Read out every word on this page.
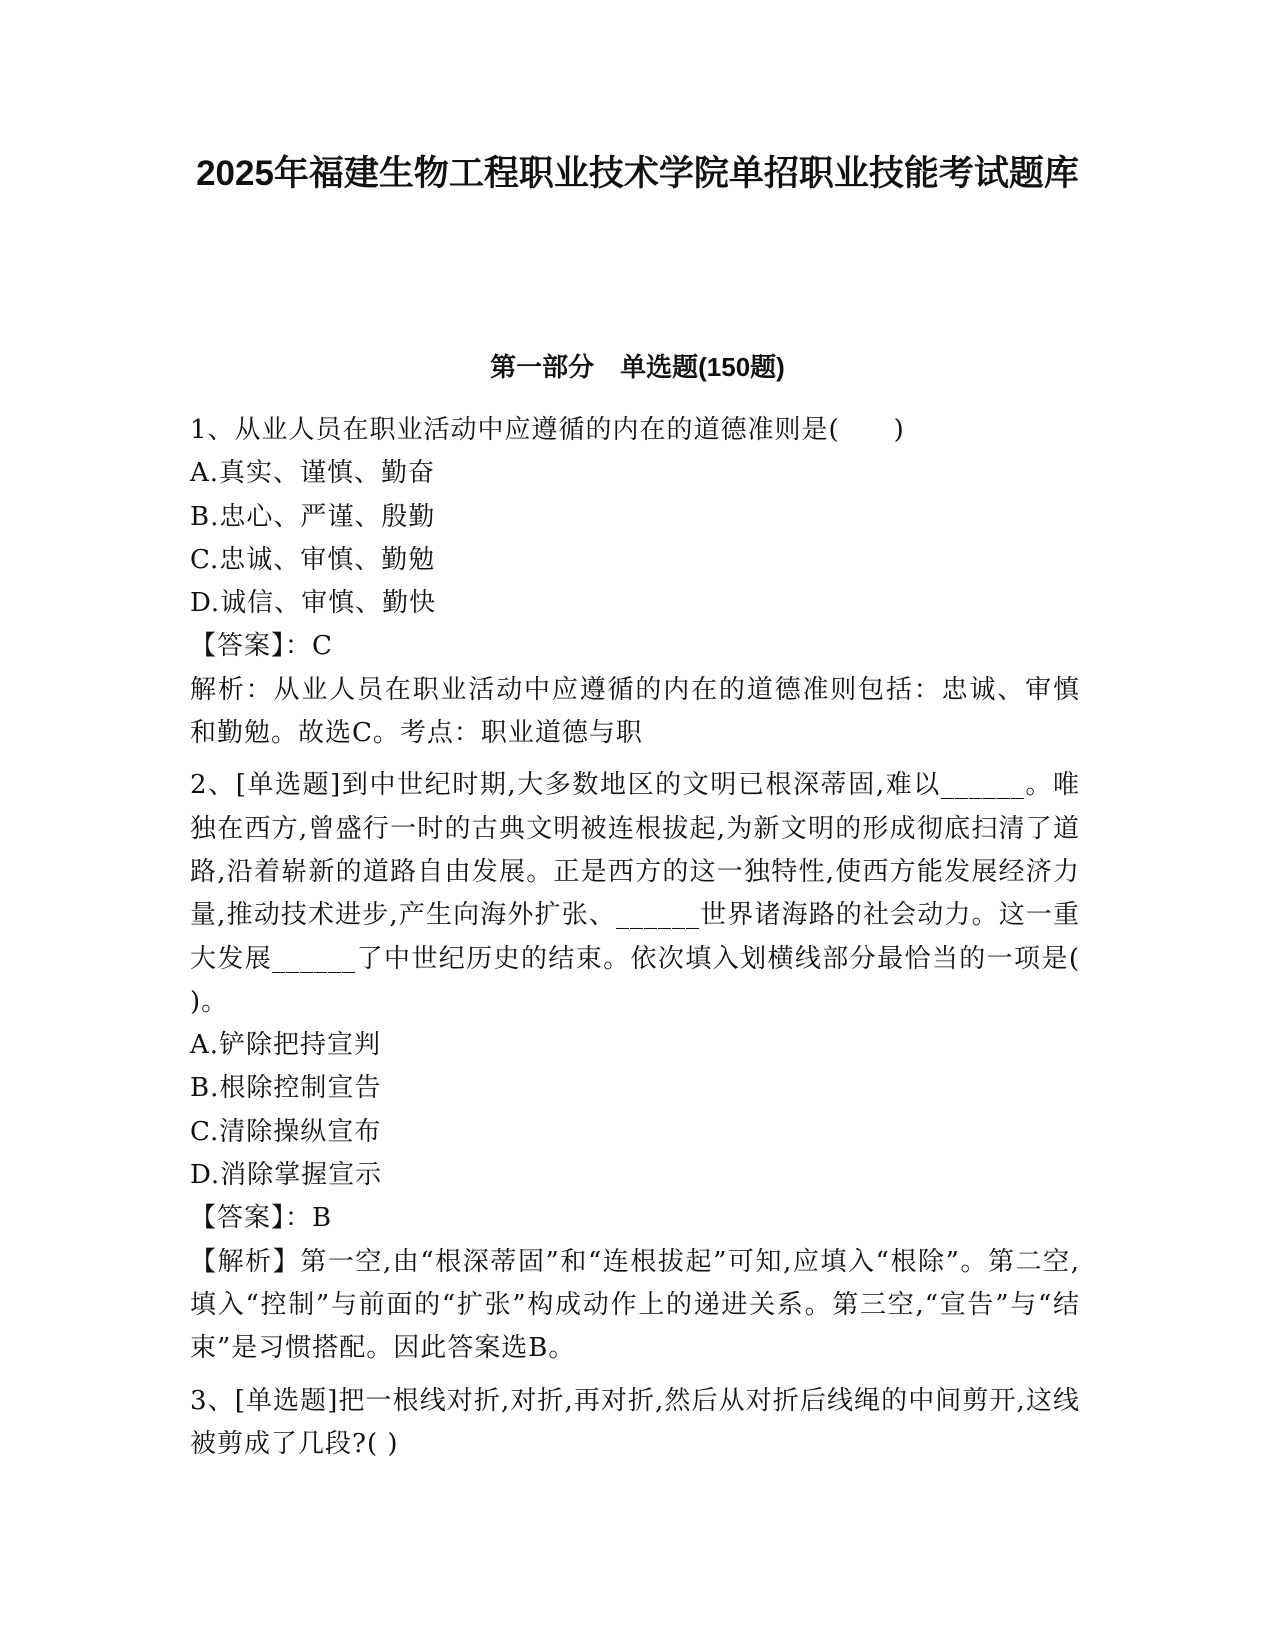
2025年福建生物工程职业技术学院单招职业技能考试题库
第一部分　单选题(150题)
1、从业人员在职业活动中应遵循的内在的道德准则是(　　)
A.真实、谨慎、勤奋
B.忠心、严谨、殷勤
C.忠诚、审慎、勤勉
D.诚信、审慎、勤快
【答案】：C
解析：从业人员在职业活动中应遵循的内在的道德准则包括：忠诚、审慎和勤勉。故选C。考点：职业道德与职
2、[单选题]到中世纪时期,大多数地区的文明已根深蒂固,难以______。唯独在西方,曾盛行一时的古典文明被连根拔起,为新文明的形成彻底扫清了道路,沿着崭新的道路自由发展。正是西方的这一独特性,使西方能发展经济力量,推动技术进步,产生向海外扩张、______世界诸海路的社会动力。这一重大发展______了中世纪历史的结束。依次填入划横线部分最恰当的一项是( )。
A.铲除把持宣判
B.根除控制宣告
C.清除操纵宣布
D.消除掌握宣示
【答案】：B
【解析】第一空,由“根深蒂固”和“连根拔起”可知,应填入“根除”。第二空,填入“控制”与前面的“扩张”构成动作上的递进关系。第三空,“宣告”与“结束”是习惯搭配。因此答案选B。
3、[单选题]把一根线对折,对折,再对折,然后从对折后线绳的中间剪开,这线被剪成了几段?( )
